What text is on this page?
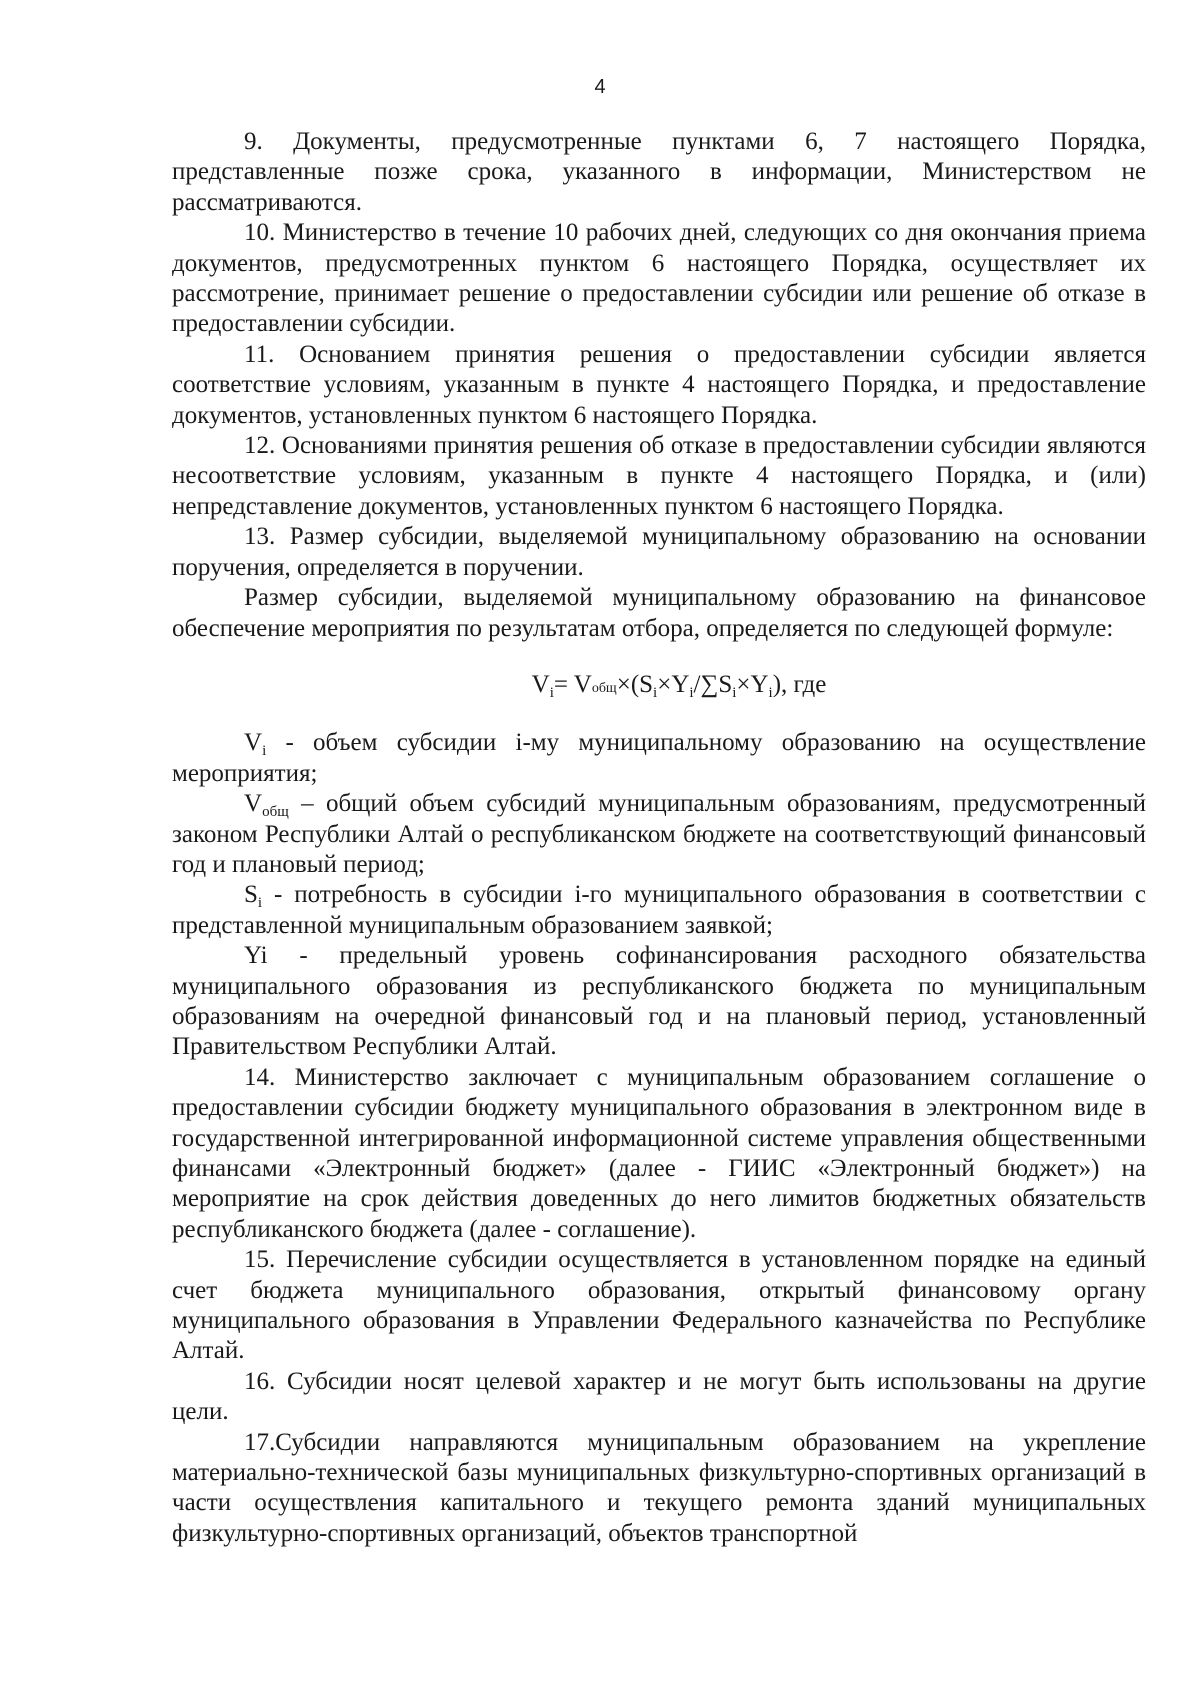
4

9. Документы, предусмотренные пунктами 6, 7 настоящего Порядка, представленные позже срока, указанного в информации, Министерством не рассматриваются.

10. Министерство в течение 10 рабочих дней, следующих со дня окончания приема документов, предусмотренных пунктом 6 настоящего Порядка, осуществляет их рассмотрение, принимает решение о предоставлении субсидии или решение об отказе в предоставлении субсидии.

11. Основанием принятия решения о предоставлении субсидии является соответствие условиям, указанным в пункте 4 настоящего Порядка, и предоставление документов, установленных пунктом 6 настоящего Порядка.

12. Основаниями принятия решения об отказе в предоставлении субсидии являются несоответствие условиям, указанным в пункте 4 настоящего Порядка, и (или) непредставление документов, установленных пунктом 6 настоящего Порядка.

13. Размер субсидии, выделяемой муниципальному образованию на основании поручения, определяется в поручении.

Размер субсидии, выделяемой муниципальному образованию на финансовое обеспечение мероприятия по результатам отбора, определяется по следующей формуле:

$V_i=$ $Vобщ\times(S_i\times Y_i/\sum S_i\times Y_i)$, где

$V_i$ - объем субсидии i-му муниципальному образованию на осуществление мероприятия;

$V_{общ}$ – общий объем субсидий муниципальным образованиям, предусмотренный законом Республики Алтай о республиканском бюджете на соответствующий финансовый год и плановый период;

$S_i$ - потребность в субсидии i-го муниципального образования в соответствии с представленной муниципальным образованием заявкой;

Yi - предельный уровень софинансирования расходного обязательства муниципального образования из республиканского бюджета по муниципальным образованиям на очередной финансовый год и на плановый период, установленный Правительством Республики Алтай.

14. Министерство заключает с муниципальным образованием соглашение о предоставлении субсидии бюджету муниципального образования в электронном виде в государственной интегрированной информационной системе управления общественными финансами «Электронный бюджет» (далее - ГИИС «Электронный бюджет») на мероприятие на срок действия доведенных до него лимитов бюджетных обязательств республиканского бюджета (далее - соглашение).

15. Перечисление субсидии осуществляется в установленном порядке на единый счет бюджета муниципального образования, открытый финансовому органу муниципального образования в Управлении Федерального казначейства по Республике Алтай.

16. Субсидии носят целевой характер и не могут быть использованы на другие цели.

17.Субсидии направляются муниципальным образованием на укрепление материально-технической базы муниципальных физкультурно-спортивных организаций в части осуществления капитального и текущего ремонта зданий муниципальных физкультурно-спортивных организаций, объектов транспортной
